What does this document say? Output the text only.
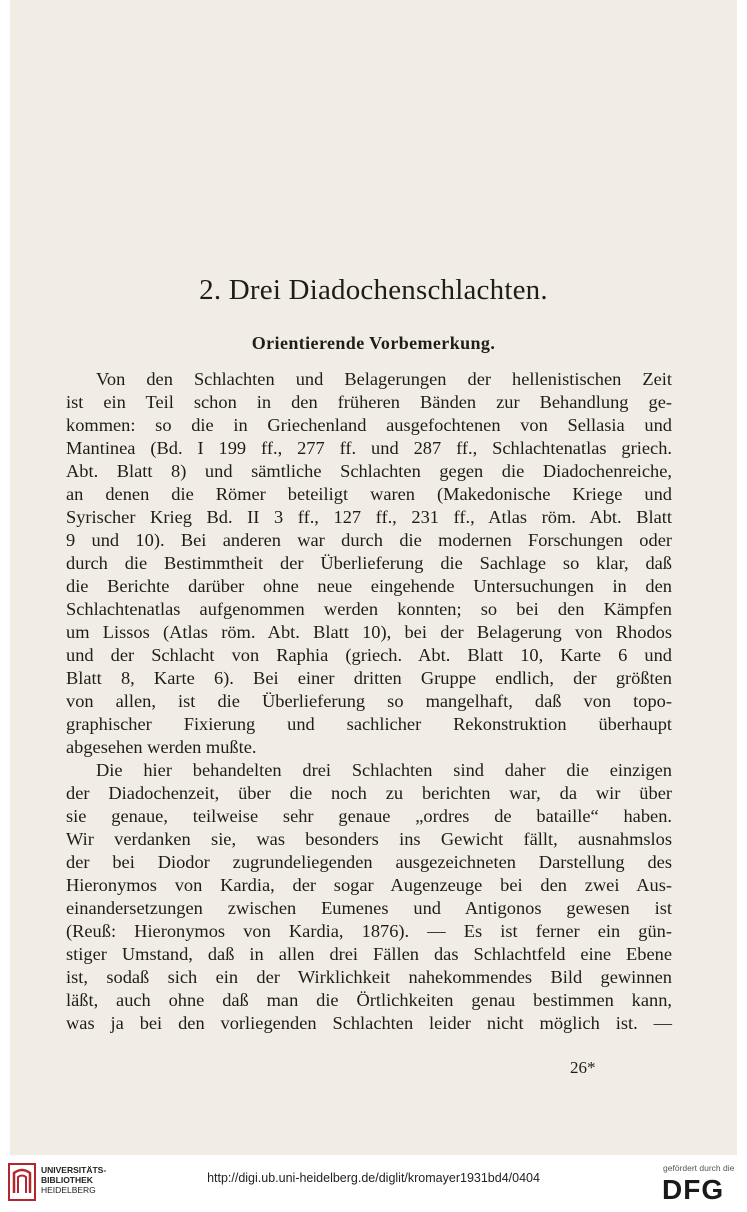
2. Drei Diadochenschlachten.
Orientierende Vorbemerkung.
Von den Schlachten und Belagerungen der hellenistischen Zeit
ist ein Teil schon in den früheren Bänden zur Behandlung ge-
kommen: so die in Griechenland ausgefochtenen von Sellasia und
Mantinea (Bd. I 199 ff., 277 ff. und 287 ff., Schlachtenatlas griech.
Abt. Blatt 8) und sämtliche Schlachten gegen die Diadochenreiche,
an denen die Römer beteiligt waren (Makedonische Kriege und
Syrischer Krieg Bd. II 3 ff., 127 ff., 231 ff., Atlas röm. Abt. Blatt
9 und 10). Bei anderen war durch die modernen Forschungen oder
durch die Bestimmtheit der Überlieferung die Sachlage so klar, daß
die Berichte darüber ohne neue eingehende Untersuchungen in den
Schlachtenatlas aufgenommen werden konnten; so bei den Kämpfen
um Lissos (Atlas röm. Abt. Blatt 10), bei der Belagerung von Rhodos
und der Schlacht von Raphia (griech. Abt. Blatt 10, Karte 6 und
Blatt 8, Karte 6). Bei einer dritten Gruppe endlich, der größten
von allen, ist die Überlieferung so mangelhaft, daß von topo-
graphischer Fixierung und sachlicher Rekonstruktion überhaupt
abgesehen werden mußte.
Die hier behandelten drei Schlachten sind daher die einzigen
der Diadochenzeit, über die noch zu berichten war, da wir über
sie genaue, teilweise sehr genaue „ordres de bataille“ haben.
Wir verdanken sie, was besonders ins Gewicht fällt, ausnahmslos
der bei Diodor zugrundeliegenden ausgezeichneten Darstellung des
Hieronymos von Kardia, der sogar Augenzeuge bei den zwei Aus-
einandersetzungen zwischen Eumenes und Antigonos gewesen ist
(Reuß: Hieronymos von Kardia, 1876). — Es ist ferner ein gün-
stiger Umstand, daß in allen drei Fällen das Schlachtfeld eine Ebene
ist, sodaß sich ein der Wirklichkeit nahekommendes Bild gewinnen
läßt, auch ohne daß man die Örtlichkeiten genau bestimmen kann,
was ja bei den vorliegenden Schlachten leider nicht möglich ist. —
26*
UNIVERSITÄTS-
BIBLIOTHEK
HEIDELBERG
http://digi.ub.uni-heidelberg.de/diglit/kromayer1931bd4/0404
gefördert durch die
DFG
